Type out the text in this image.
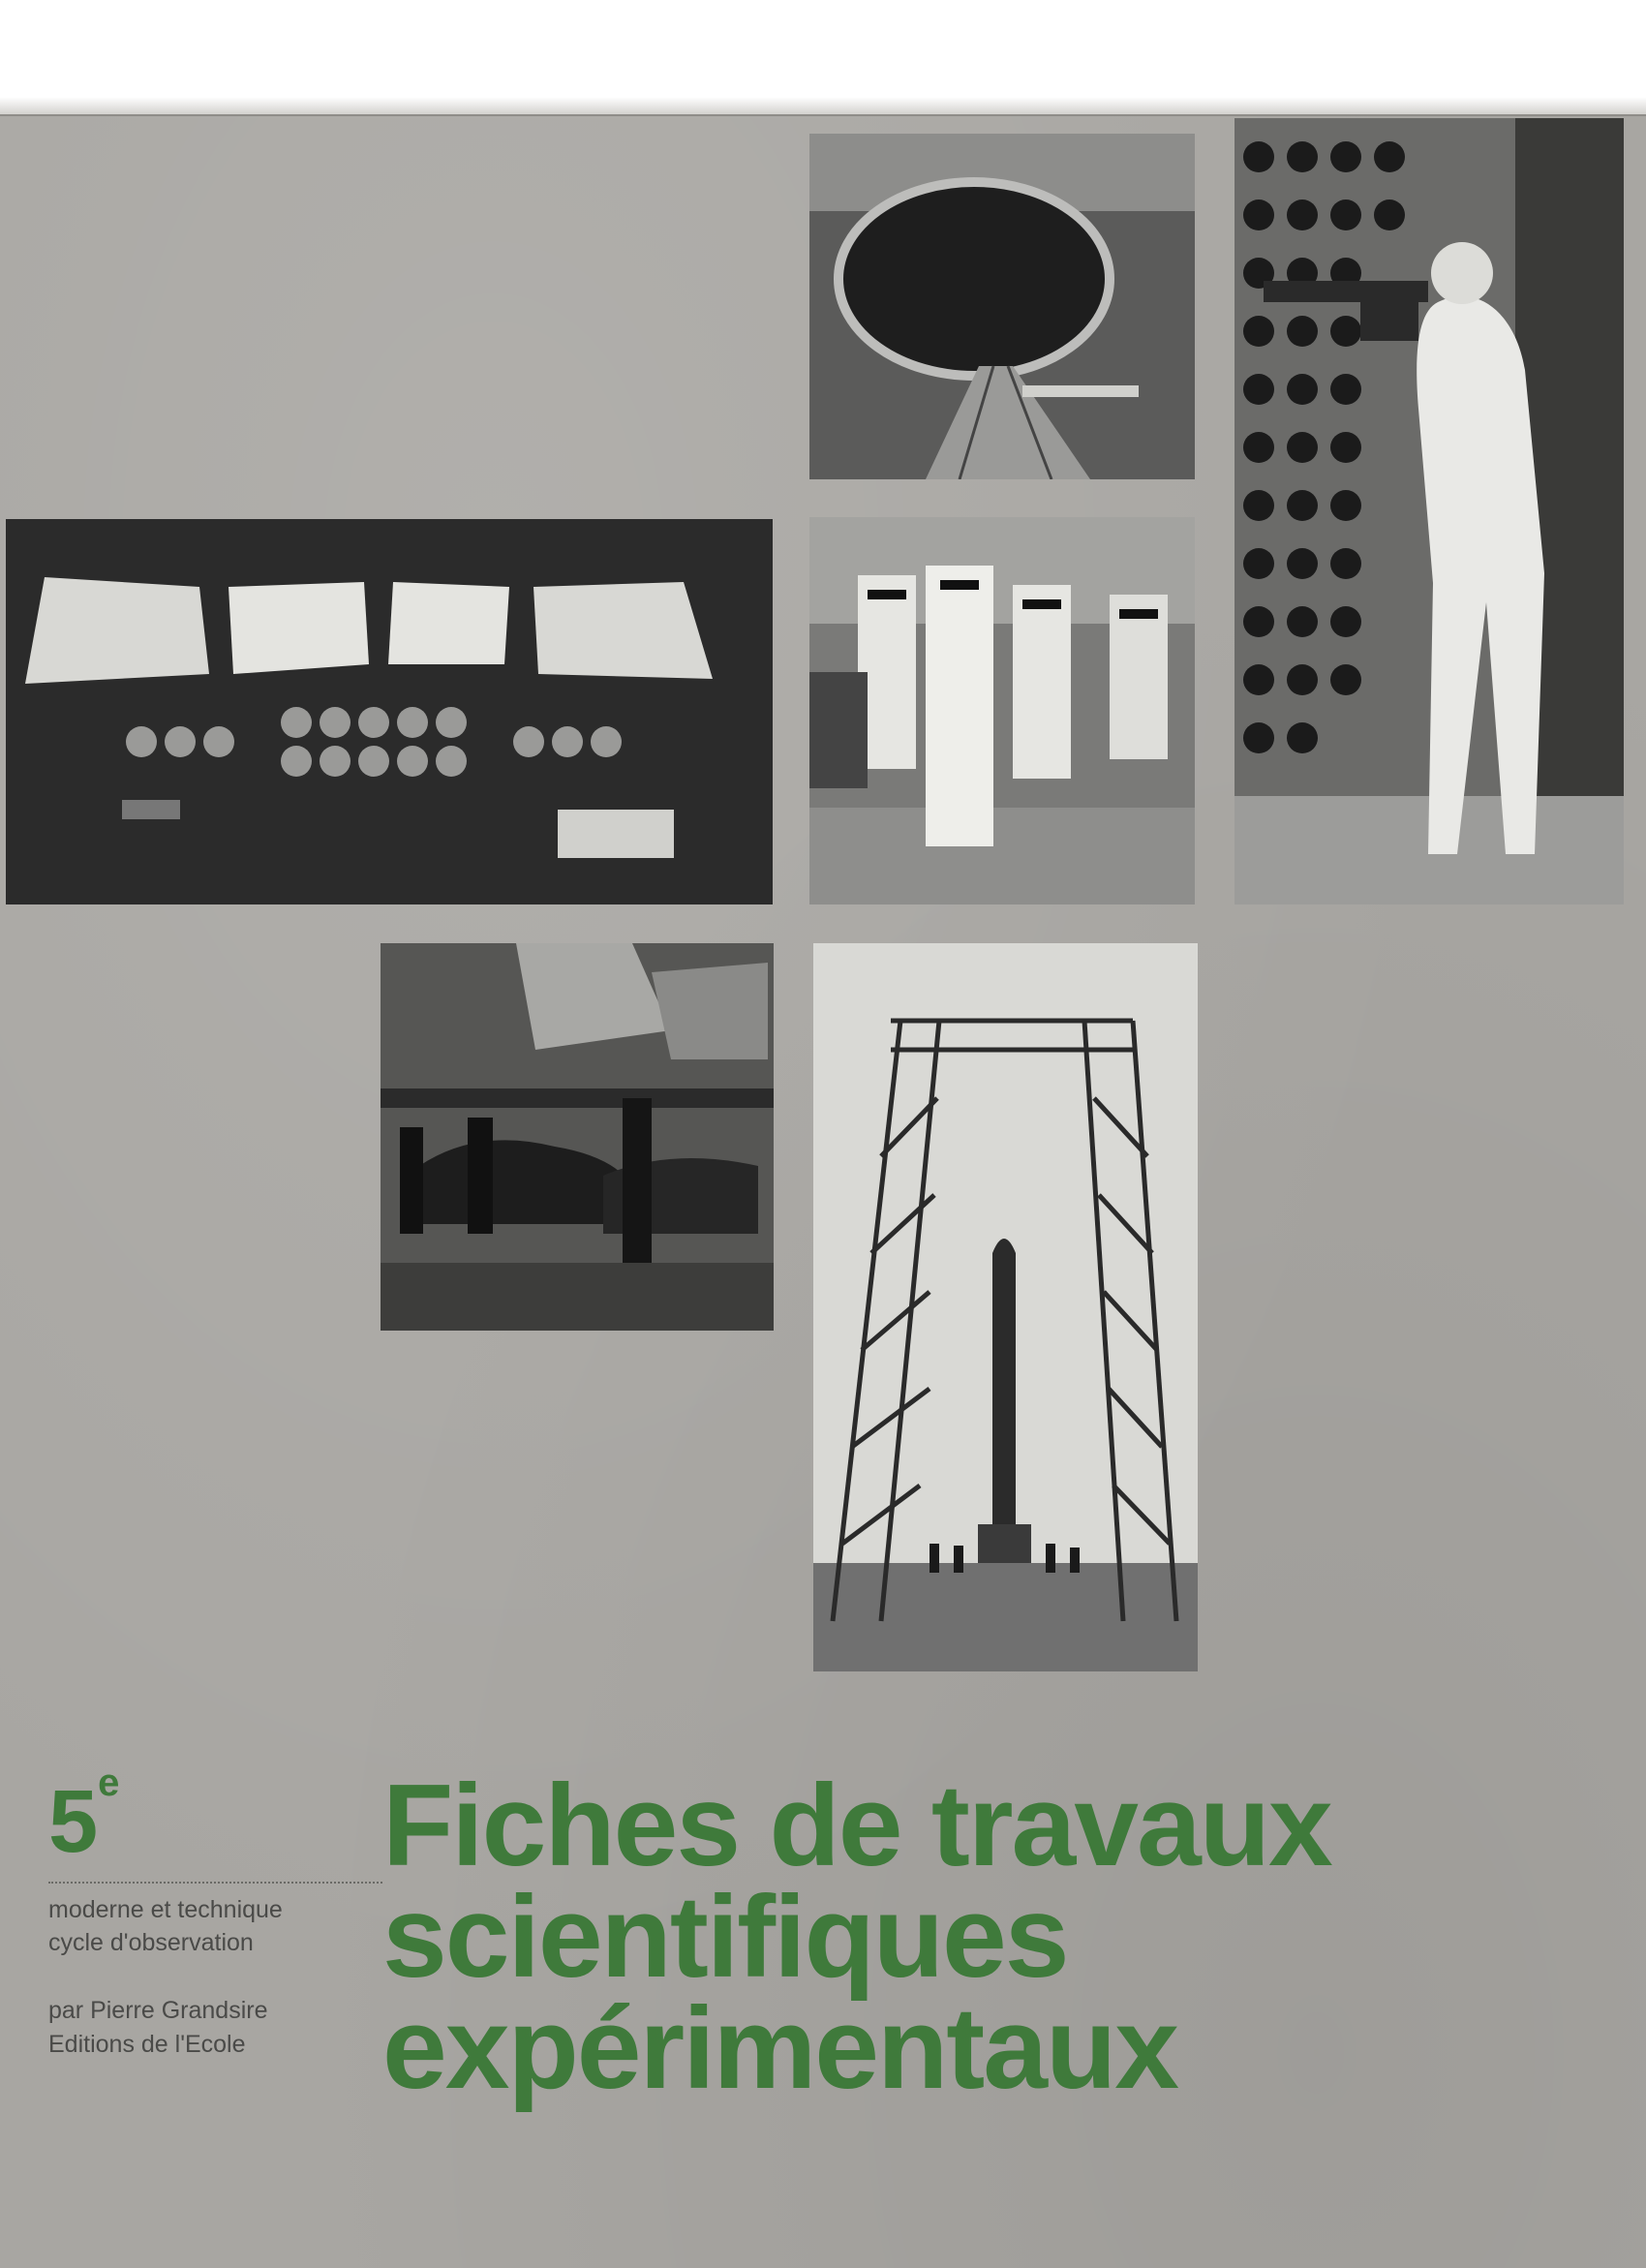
5e
moderne et technique
cycle d'observation
par Pierre Grandsire
Editions de l'Ecole
Fiches de travaux
scientifiques
expérimentaux
